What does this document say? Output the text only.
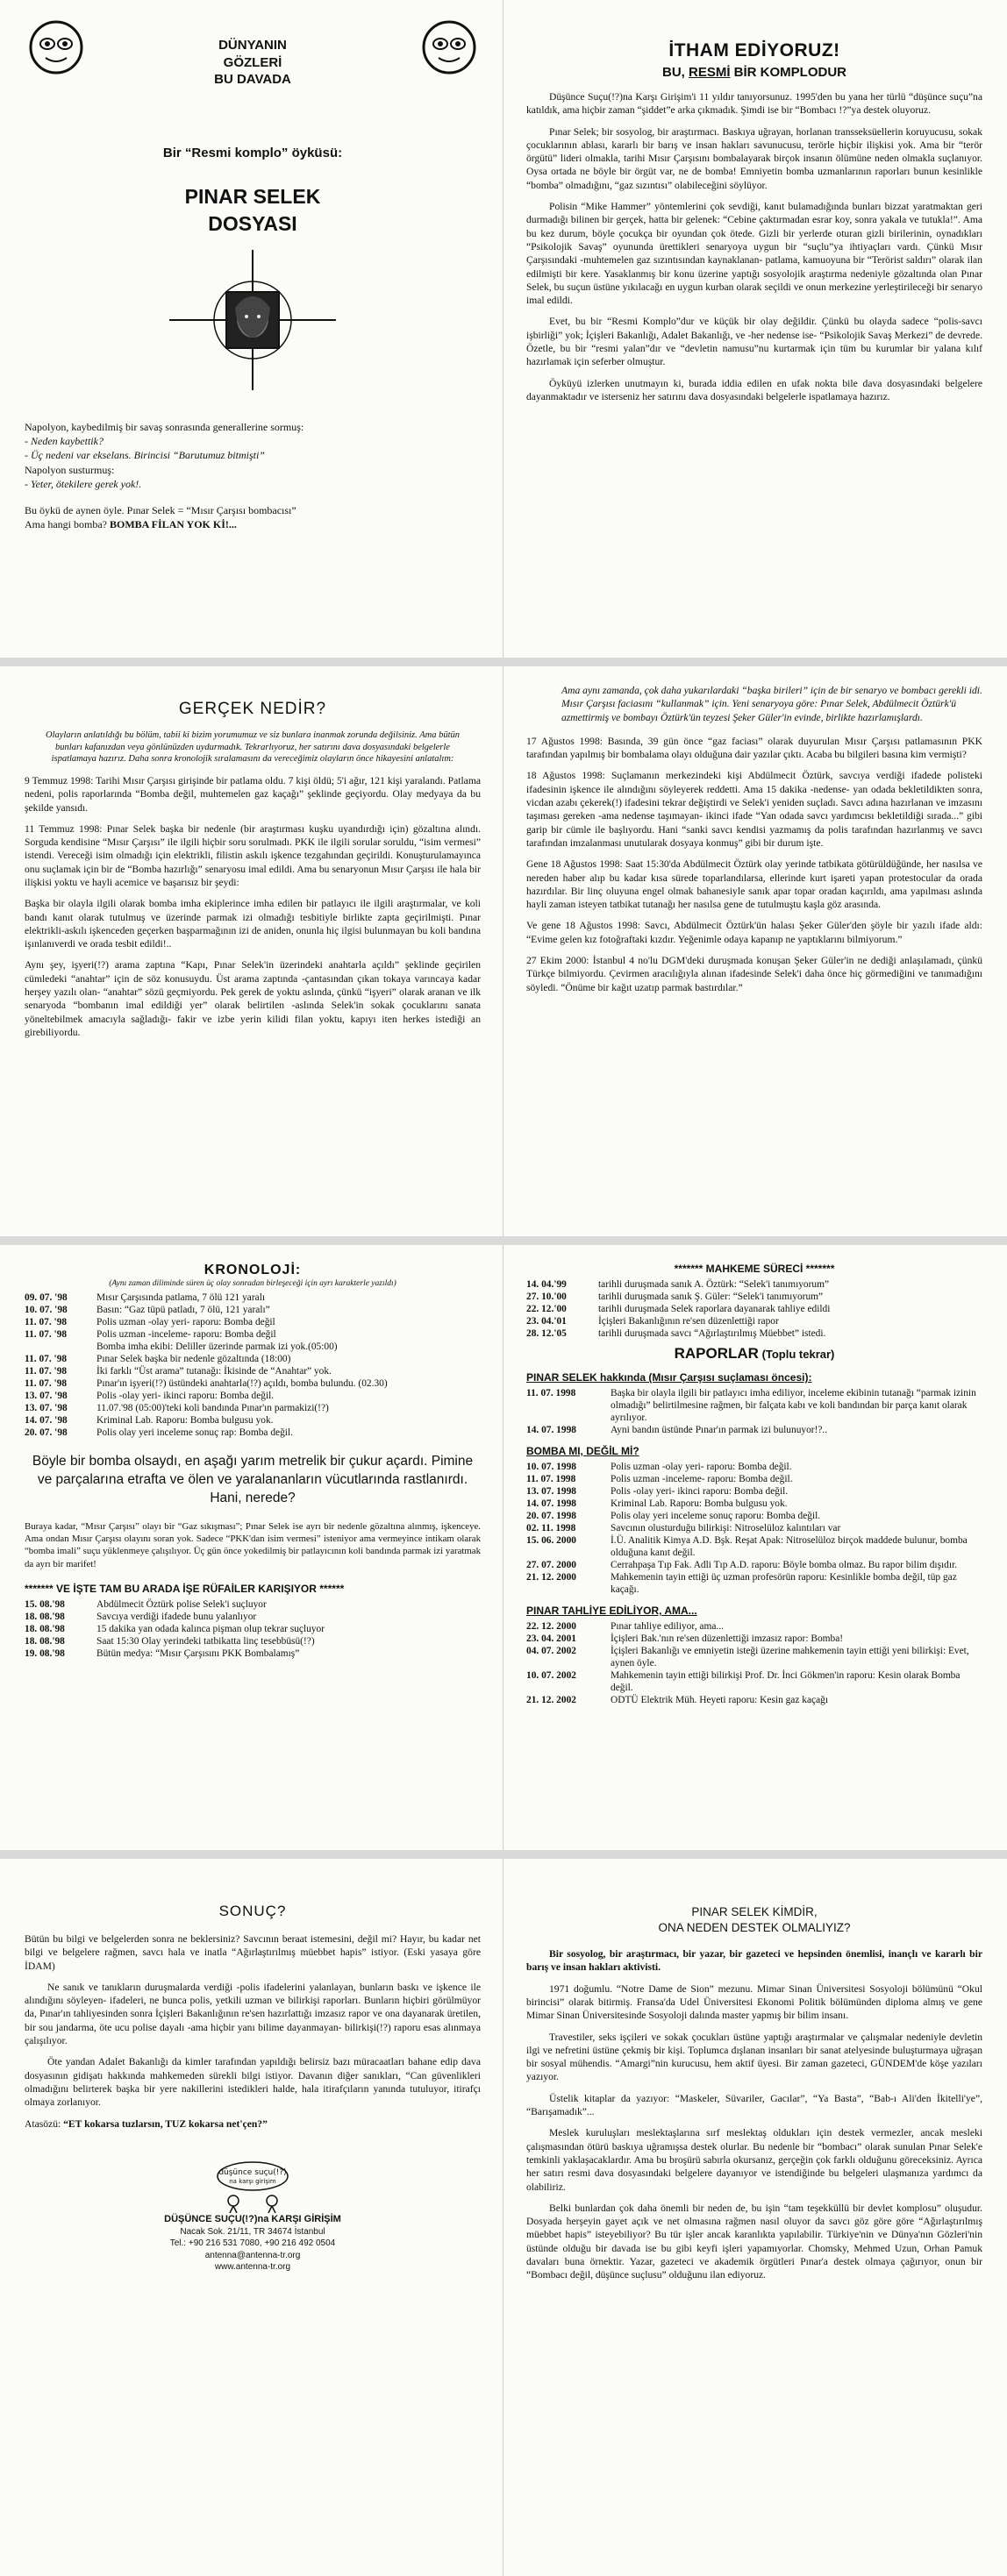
DÜNYANIN
GÖZLERİ
BU DAVADA
Bir “Resmi komplo” öyküsü:
PINAR SELEK
DOSYASI
Napolyon, kaybedilmiş bir savaş sonrasında generallerine sormuş:
- Neden kaybettik?
- Üç nedeni var ekselans. Birincisi “Barutumuz bitmişti”
Napolyon susturmuş:
- Yeter, ötekilere gerek yok!.
Bu öykü de aynen öyle. Pınar Selek = “Mısır Çarşısı bombacısı”
Ama hangi bomba? BOMBA FİLAN YOK Kİ!...
İTHAM EDİYORUZ!
BU, RESMİ BİR KOMPLODUR

Düşünce Suçu(!?)na Karşı Girişim'i 11 yıldır tanıyorsunuz. 1995'den bu yana her türlü “düşünce suçu”na katıldık, ama hiçbir zaman “şiddet”e arka çıkmadık. Şimdi ise bir “Bombacı !?”ya destek oluyoruz.

Pınar Selek; bir sosyolog, bir araştırmacı. Baskıya uğrayan, horlanan transseksüellerin koruyucusu, sokak çocuklarının ablası, kararlı bir barış ve insan hakları savunucusu, terörle hiçbir ilişkisi yok. Ama bir “terör örgütü” lideri olmakla, tarihi Mısır Çarşısını bombalayarak birçok insanın ölümüne neden olmakla suçlanıyor. Oysa ortada ne böyle bir örgüt var, ne de bomba! Emniyetin bomba uzmanlarının raporları bunun kesinlikle “bomba” olmadığını, “gaz sızıntısı” olabileceğini söylüyor.

Polisin “Mike Hammer” yöntemlerini çok sevdiği, kanıt bulamadığında bunları bizzat yaratmaktan geri durmadığı bilinen bir gerçek, hatta bir gelenek: “Cebine çaktırmadan esrar koy, sonra yakala ve tutukla!”. Ama bu kez durum, böyle çocukça bir oyundan çok ötede. Gizli bir yerlerde oturan gizli birilerinin, oynadıkları “Psikolojik Savaş” oyununda ürettikleri senaryoya uygun bir “suçlu”ya ihtiyaçları vardı. Çünkü Mısır Çarşısındaki -muhtemelen gaz sızıntısından kaynaklanan- patlama, kamuoyuna bir “Terörist saldırı” olarak ilan edilmişti bir kere. Yasaklanmış bir konu üzerine yaptığı sosyolojik araştırma nedeniyle gözaltında olan Pınar Selek, bu suçun üstüne yıkılacağı en uygun kurban olarak seçildi ve onun merkezine yerleştirileceği bir senaryo imal edildi.

Evet, bu bir “Resmi Komplo”dur ve küçük bir olay değildir. Çünkü bu olayda sadece “polis-savcı işbirliği” yok; İçişleri Bakanlığı, Adalet Bakanlığı, ve -her nedense ise- “Psikolojik Savaş Merkezi” de devrede. Özetle, bu bir “resmi yalan”dır ve “devletin namusu”nu kurtarmak için tüm bu kurumlar bir yalana kılıf hazırlamak için seferber olmuştur.

Öyküyü izlerken unutmayın ki, burada iddia edilen en ufak nokta bile dava dosyasındaki belgelere dayanmaktadır ve isterseniz her satırını dava dosyasındaki belgelerle ispatlamaya hazırız.

GERÇEK NEDİR?
Olayların anlatıldığı bu bölüm, tabii ki bizim yorumumuz ve siz bunlara inanmak zorunda değilsiniz. Ama bütün bunları kafanızdan veya gönlünüzden uydurmadık. Tekrarlıyoruz, her satırını dava dosyasındaki belgelerle ispatlamaya hazırız. Daha sonra kronolojik sıralamasını da vereceğimiz olayların önce hikayesini anlatalım:

9 Temmuz 1998: Tarihi Mısır Çarşısı girişinde bir patlama oldu. 7 kişi öldü; 5'i ağır, 121 kişi yaralandı. Patlama nedeni, polis raporlarında “Bomba değil, muhtemelen gaz kaçağı” şeklinde geçiyordu. Olay medyaya da bu şekilde yansıdı.

11 Temmuz 1998: Pınar Selek başka bir nedenle (bir araştırması kuşku uyandırdığı için) gözaltına alındı. Sorguda kendisine “Mısır Çarşısı” ile ilgili hiçbir soru sorulmadı. PKK ile ilgili sorular soruldu, “isim vermesi” istendi. Vereceği isim olmadığı için elektrikli, filistin askılı işkence tezgahından geçirildi. Konuşturulamayınca onu suçlamak için bir de “Bomba hazırlığı” senaryosu imal edildi. Ama bu senaryonun Mısır Çarşısı ile hala bir ilişkisi yoktu ve hayli acemice ve başarısız bir şeydi:

Başka bir olayla ilgili olarak bomba imha ekiplerince imha edilen bir patlayıcı ile ilgili araştırmalar, ve koli bandı kanıt olarak tutulmuş ve üzerinde parmak izi olmadığı tesbitiyle birlikte zapta geçirilmişti. Pınar elektrikli-askılı işkenceden geçerken başparmağının izi de aniden, onunla hiç ilgisi bulunmayan bu koli bandına işınlanıverdi ve orada tesbit edildi!..

Aynı şey, işyeri(!?) arama zaptına “Kapı, Pınar Selek'in üzerindeki anahtarla açıldı” şeklinde geçirilen cümledeki “anahtar” için de söz konusuydu. Üst arama zaptında -çantasından çıkan tokaya varıncaya kadar herşey yazılı olan- “anahtar” sözü geçmiyordu. Pek gerek de yoktu aslında, çünkü “işyeri” olarak aranan ve ilk senaryoda “bombanın imal edildiği yer” olarak belirtilen -aslında Selek'in sokak çocuklarını sanata yöneltebilmek amacıyla sağladığı- fakir ve izbe yerin kilidi filan yoktu, kapıyı iten herkes istediği an girebiliyordu.

Ama aynı zamanda, çok daha yukarılardaki “başka birileri” için de bir senaryo ve bombacı gerekli idi. Mısır Çarşısı faciasını “kullanmak” için. Yeni senaryoya göre: Pınar Selek, Abdülmecit Öztürk'ü azmettirmiş ve bombayı Öztürk'ün teyzesi Şeker Güler'in evinde, birlikte hazırlamışlardı.

17 Ağustos 1998: Basında, 39 gün önce “gaz faciası” olarak duyurulan Mısır Çarşısı patlamasının PKK tarafından yapılmış bir bombalama olayı olduğuna dair yazılar çıktı. Acaba bu bilgileri basına kim vermişti?

18 Ağustos 1998: Suçlamanın merkezindeki kişi Abdülmecit Öztürk, savcıya verdiği ifadede polisteki ifadesinin işkence ile alındığını söyleyerek reddetti. Ama 15 dakika -nedense- yan odada bekletildikten sonra, vicdan azabı çekerek(!) ifadesini tekrar değiştirdi ve Selek'i yeniden suçladı. Savcı adına hazırlanan ve imzasını taşıması gereken -ama nedense taşımayan- ikinci ifade “Yan odada savcı yardımcısı bekletildiği sırada...” gibi garip bir cümle ile başlıyordu. Hani “sanki savcı kendisi yazmamış da polis tarafından hazırlanmış ve savcı tarafından imzalanması unutularak dosyaya konmuş” gibi bir durum işte.

Gene 18 Ağustos 1998: Saat 15:30'da Abdülmecit Öztürk olay yerinde tatbikata götürüldüğünde, her nasılsa ve nereden haber alıp bu kadar kısa sürede toparlandılarsa, ellerinde kurt işareti yapan protestocular da orada hazırdılar. Bir linç oluyuna engel olmak bahanesiyle sanık apar topar oradan kaçırıldı, ama yapılması aslında hayli zaman isteyen tatbikat tutanağı her nasılsa gene de tutulmuştu kaşla göz arasında.

Ve gene 18 Ağustos 1998: Savcı, Abdülmecit Öztürk'ün halası Şeker Güler'den şöyle bir yazılı ifade aldı: “Evime gelen kız fotoğraftaki kızdır. Yeğenimle odaya kapanıp ne yaptıklarını bilmiyorum.”

27 Ekim 2000: İstanbul 4 no'lu DGM'deki duruşmada konuşan Şeker Güler'in ne dediği anlaşılamadı, çünkü Türkçe bilmiyordu. Çevirmen aracılığıyla alınan ifadesinde Selek'i daha önce hiç görmediğini ve tanımadığını söyledi. “Önüme bir kağıt uzatıp parmak bastırdılar.”

KRONOLOJİ:
(Aynı zaman diliminde süren üç olay sonradan birleşeceği için ayrı karakterle yazıldı)
09. 07. '98	Mısır Çarşısında patlama, 7 ölü 121 yaralı
10. 07. '98	Basın: “Gaz tüpü patladı, 7 ölü, 121 yaralı”
11. 07. '98	Polis uzman -olay yeri- raporu: Bomba değil
11. 07. '98	Polis uzman -inceleme- raporu: Bomba değil
	Bomba imha ekibi: Deliller üzerinde parmak izi yok.(05:00)
11. 07. '98	Pınar Selek başka bir nedenle gözaltında (18:00)
11. 07. '98	İki farklı “Üst arama” tutanağı: İkisinde de “Anahtar” yok.
11. 07. '98	Pınar'ın işyeri(!?) üstündeki anahtarla(!?) açıldı, bomba bulundu. (02.30)
13. 07. '98	Polis -olay yeri- ikinci raporu: Bomba değil.
13. 07. '98	11.07.'98 (05:00)'teki koli bandında Pınar'ın parmakizi(!?)
14. 07. '98	Kriminal Lab. Raporu: Bomba bulgusu yok.
20. 07. '98	Polis olay yeri inceleme sonuç rap: Bomba değil.
Böyle bir bomba olsaydı, en aşağı yarım metrelik bir çukur açardı. Pimine ve parçalarına etrafta ve ölen ve yaralananların vücutlarında rastlanırdı. Hani, nerede?

Buraya kadar, “Mısır Çarşısı” olayı bir “Gaz sıkışması”; Pınar Selek ise ayrı bir nedenle gözaltına alınmış, işkenceye. Ama ondan Mısır Çarşısı olayını soran yok. Sadece “PKK'dan isim vermesi” isteniyor ama vermeyince intikam olarak “bomba imali” suçu yüklenmeye çalışılıyor. Üç gün önce yokedilmiş bir patlayıcının koli bandında parmak izi yaratmak da ayrı bir marifet!

******* VE İŞTE TAM BU ARADA İŞE RÜFAİLER KARIŞIYOR ******
15. 08.'98	Abdülmecit Öztürk polise Selek'i suçluyor
18. 08.'98	Savcıya verdiği ifadede bunu yalanlıyor
18. 08.'98	15 dakika yan odada kalınca pişman olup tekrar suçluyor
18. 08.'98	Saat 15:30 Olay yerindeki tatbikatta linç tesebbüsü(!?)
19. 08.'98	Bütün medya: “Mısır Çarşısını PKK Bombalamış”
******* MAHKEME SÜRECİ *******
14. 04.'99	tarihli duruşmada sanık A. Öztürk: “Selek'i tanımıyorum”
27. 10.'00	tarihli duruşmada sanık Ş. Güler: “Selek'i tanımıyorum”
22. 12.'00	tarihli duruşmada Selek raporlara dayanarak tahliye edildi
23. 04.'01	İçişleri Bakanlığının re'sen düzenlettiği rapor
28. 12.'05	tarihli duruşmada savcı “Ağırlaştırılmış Müebbet” istedi.
RAPORLAR (Toplu tekrar)
PINAR SELEK hakkında (Mısır Çarşısı suçlaması öncesi):
11. 07. 1998	Başka bir olayla ilgili bir patlayıcı imha ediliyor, inceleme ekibinin tutanağı “parmak izinin olmadığı” belirtilmesine rağmen, bir falçata kabı ve koli bandından bir parça kanıt olarak ayrılıyor.
14. 07. 1998	Ayni bandın üstünde Pınar'ın parmak izi bulunuyor!?..
BOMBA MI, DEĞİL Mİ?
10. 07. 1998	Polis uzman -olay yeri- raporu: Bomba değil.
11. 07. 1998	Polis uzman -inceleme- raporu: Bomba değil.
13. 07. 1998	Polis -olay yeri- ikinci raporu: Bomba değil.
14. 07. 1998	Kriminal Lab. Raporu: Bomba bulgusu yok.
20. 07. 1998	Polis olay yeri inceleme sonuç raporu: Bomba değil.
02. 11. 1998	Savcının olusturduğu bilirkişi: Nitroselüloz kalıntıları var
15. 06. 2000	İ.Ü. Analitik Kimya A.D. Bşk. Reşat Apak: Nitroselüloz birçok maddede bulunur, bomba olduğuna kanıt değil.
27. 07. 2000	Cerrahpaşa Tıp Fak. Adli Tıp A.D. raporu: Böyle bomba olmaz. Bu rapor bilim dışıdır.
21. 12. 2000	Mahkemenin tayin ettiği üç uzman profesörün raporu: Kesinlikle bomba değil, tüp gaz kaçağı.
PINAR TAHLİYE EDİLİYOR, AMA...
22. 12. 2000	Pınar tahliye ediliyor, ama...
23. 04. 2001	İçişleri Bak.'nın re'sen düzenlettiği imzasız rapor: Bomba!
04. 07. 2002	İçişleri Bakanlığı ve emniyetin isteği üzerine mahkemenin tayin ettiği yeni bilirkişi: Evet, aynen öyle.
10. 07. 2002	Mahkemenin tayin ettiği bilirkişi Prof. Dr. İnci Gökmen'in raporu: Kesin olarak Bomba değil.
21. 12. 2002	ODTÜ Elektrik Müh. Heyeti raporu: Kesin gaz kaçağı
SONUÇ?

Bütün bu bilgi ve belgelerden sonra ne beklersiniz? Savcının beraat istemesini, değil mi? Hayır, bu kadar net bilgi ve belgelere rağmen, savcı hala ve inatla “Ağırlaştırılmış müebbet hapis” istiyor. (Eski yasaya göre İDAM)

Ne sanık ve tanıkların duruşmalarda verdiği -polis ifadelerini yalanlayan, bunların baskı ve işkence ile alındığını söyleyen- ifadeleri, ne bunca polis, yetkili uzman ve bilirkişi raporları. Bunların hiçbiri görülmüyor da, Pınar'ın tahliyesinden sonra İçişleri Bakanlığının re'sen hazırlattığı imzasız rapor ve ona dayanarak üretilen, bir sou jandarma, öte ucu polise dayalı -ama hiçbir yanı bilime dayanmayan- bilirkişi(!?) raporu esas alınmaya çalışılıyor.

Öte yandan Adalet Bakanlığı da kimler tarafından yapıldığı belirsiz bazı müracaatları bahane edip dava dosyasının gidişatı hakkında mahkemeden sürekli bilgi istiyor. Davanın diğer sanıkları, “Can güvenlikleri olmadığını belirterek başka bir yere nakillerini istedikleri halde, hala itirafçıların yanında tutuluyor, itirafçı olmaya zorlanıyor.

Atasözü: “ET kokarsa tuzlarsın, TUZ kokarsa net'çen?”

düşünce suçu(!?)
na karşı girişim
DÜŞÜNCE SUÇU(!?)na KARŞI GİRİŞİM
Nacak Sok. 21/11, TR 34674 İstanbul
Tel.: +90 216 531 7080, +90 216 492 0504
antenna@antenna-tr.org
www.antenna-tr.org
PINAR SELEK KİMDİR,
ONA NEDEN DESTEK OLMALIYIZ?

Bir sosyolog, bir araştırmacı, bir yazar, bir gazeteci ve hepsinden önemlisi, inançlı ve kararlı bir barış ve insan hakları aktivisti.

1971 doğumlu. “Notre Dame de Sion” mezunu. Mimar Sinan Üniversitesi Sosyoloji bölümünü “Okul birincisi” olarak bitirmiş. Fransa'da Udel Üniversitesi Ekonomi Politik bölümünden diploma almış ve gene Mimar Sinan Üniversitesinde Sosyoloji dalında master yapmış bir bilim insanı.

Travestiler, seks işçileri ve sokak çocukları üstüne yaptığı araştırmalar ve çalışmalar nedeniyle devletin ilgi ve nefretini üstüne çekmiş bir kişi. Toplumca dışlanan insanları bir sanat atelyesinde buluşturmaya uğraşan bir sosyal mühendis. “Amargi”nin kurucusu, hem aktif üyesi. Bir zaman gazeteci, GÜNDEM'de köşe yazıları yazıyor.

Üstelik kitaplar da yazıyor: “Maskeler, Süvariler, Gacılar”, “Ya Basta”, “Bab-ı Ali'den İkitelli'ye”, “Barışamadık”...

Meslek kuruluşları meslektaşlarına sırf meslektaş oldukları için destek vermezler, ancak mesleki çalışmasından ötürü baskıya uğramışsa destek olurlar. Bu nedenle bir “bombacı” olarak sunulan Pınar Selek'e temkinli yaklaşacaklardır. Ama bu broşürü sabırla okursanız, gerçeğin çok farklı olduğunu göreceksiniz. Ayrıca her satırı resmi dava dosyasındaki belgelere dayanıyor ve istendiğinde bu belgeleri ulaşmanıza yardımcı da olabiliriz.

Belki bunlardan çok daha önemli bir neden de, bu işin “tam teşekküllü bir devlet komplosu” oluşudur. Dosyada herşeyin gayet açık ve net olmasına rağmen nasıl oluyor da savcı göz göre göre “Ağırlaştırılmış müebbet hapis” isteyebiliyor? Bu tür işler ancak karanlıkta yapılabilir. Türkiye'nin ve Dünya'nın Gözleri'nin üstünde olduğu bir davada ise bu gibi keyfi işleri yapamıyorlar. Chomsky, Mehmed Uzun, Orhan Pamuk davaları buna örnektir. Yazar, gazeteci ve akademik örgütleri Pınar'a destek olmaya çağırıyor, onun bir “Bombacı değil, düşünce suçlusu” olduğunu ilan ediyoruz.
